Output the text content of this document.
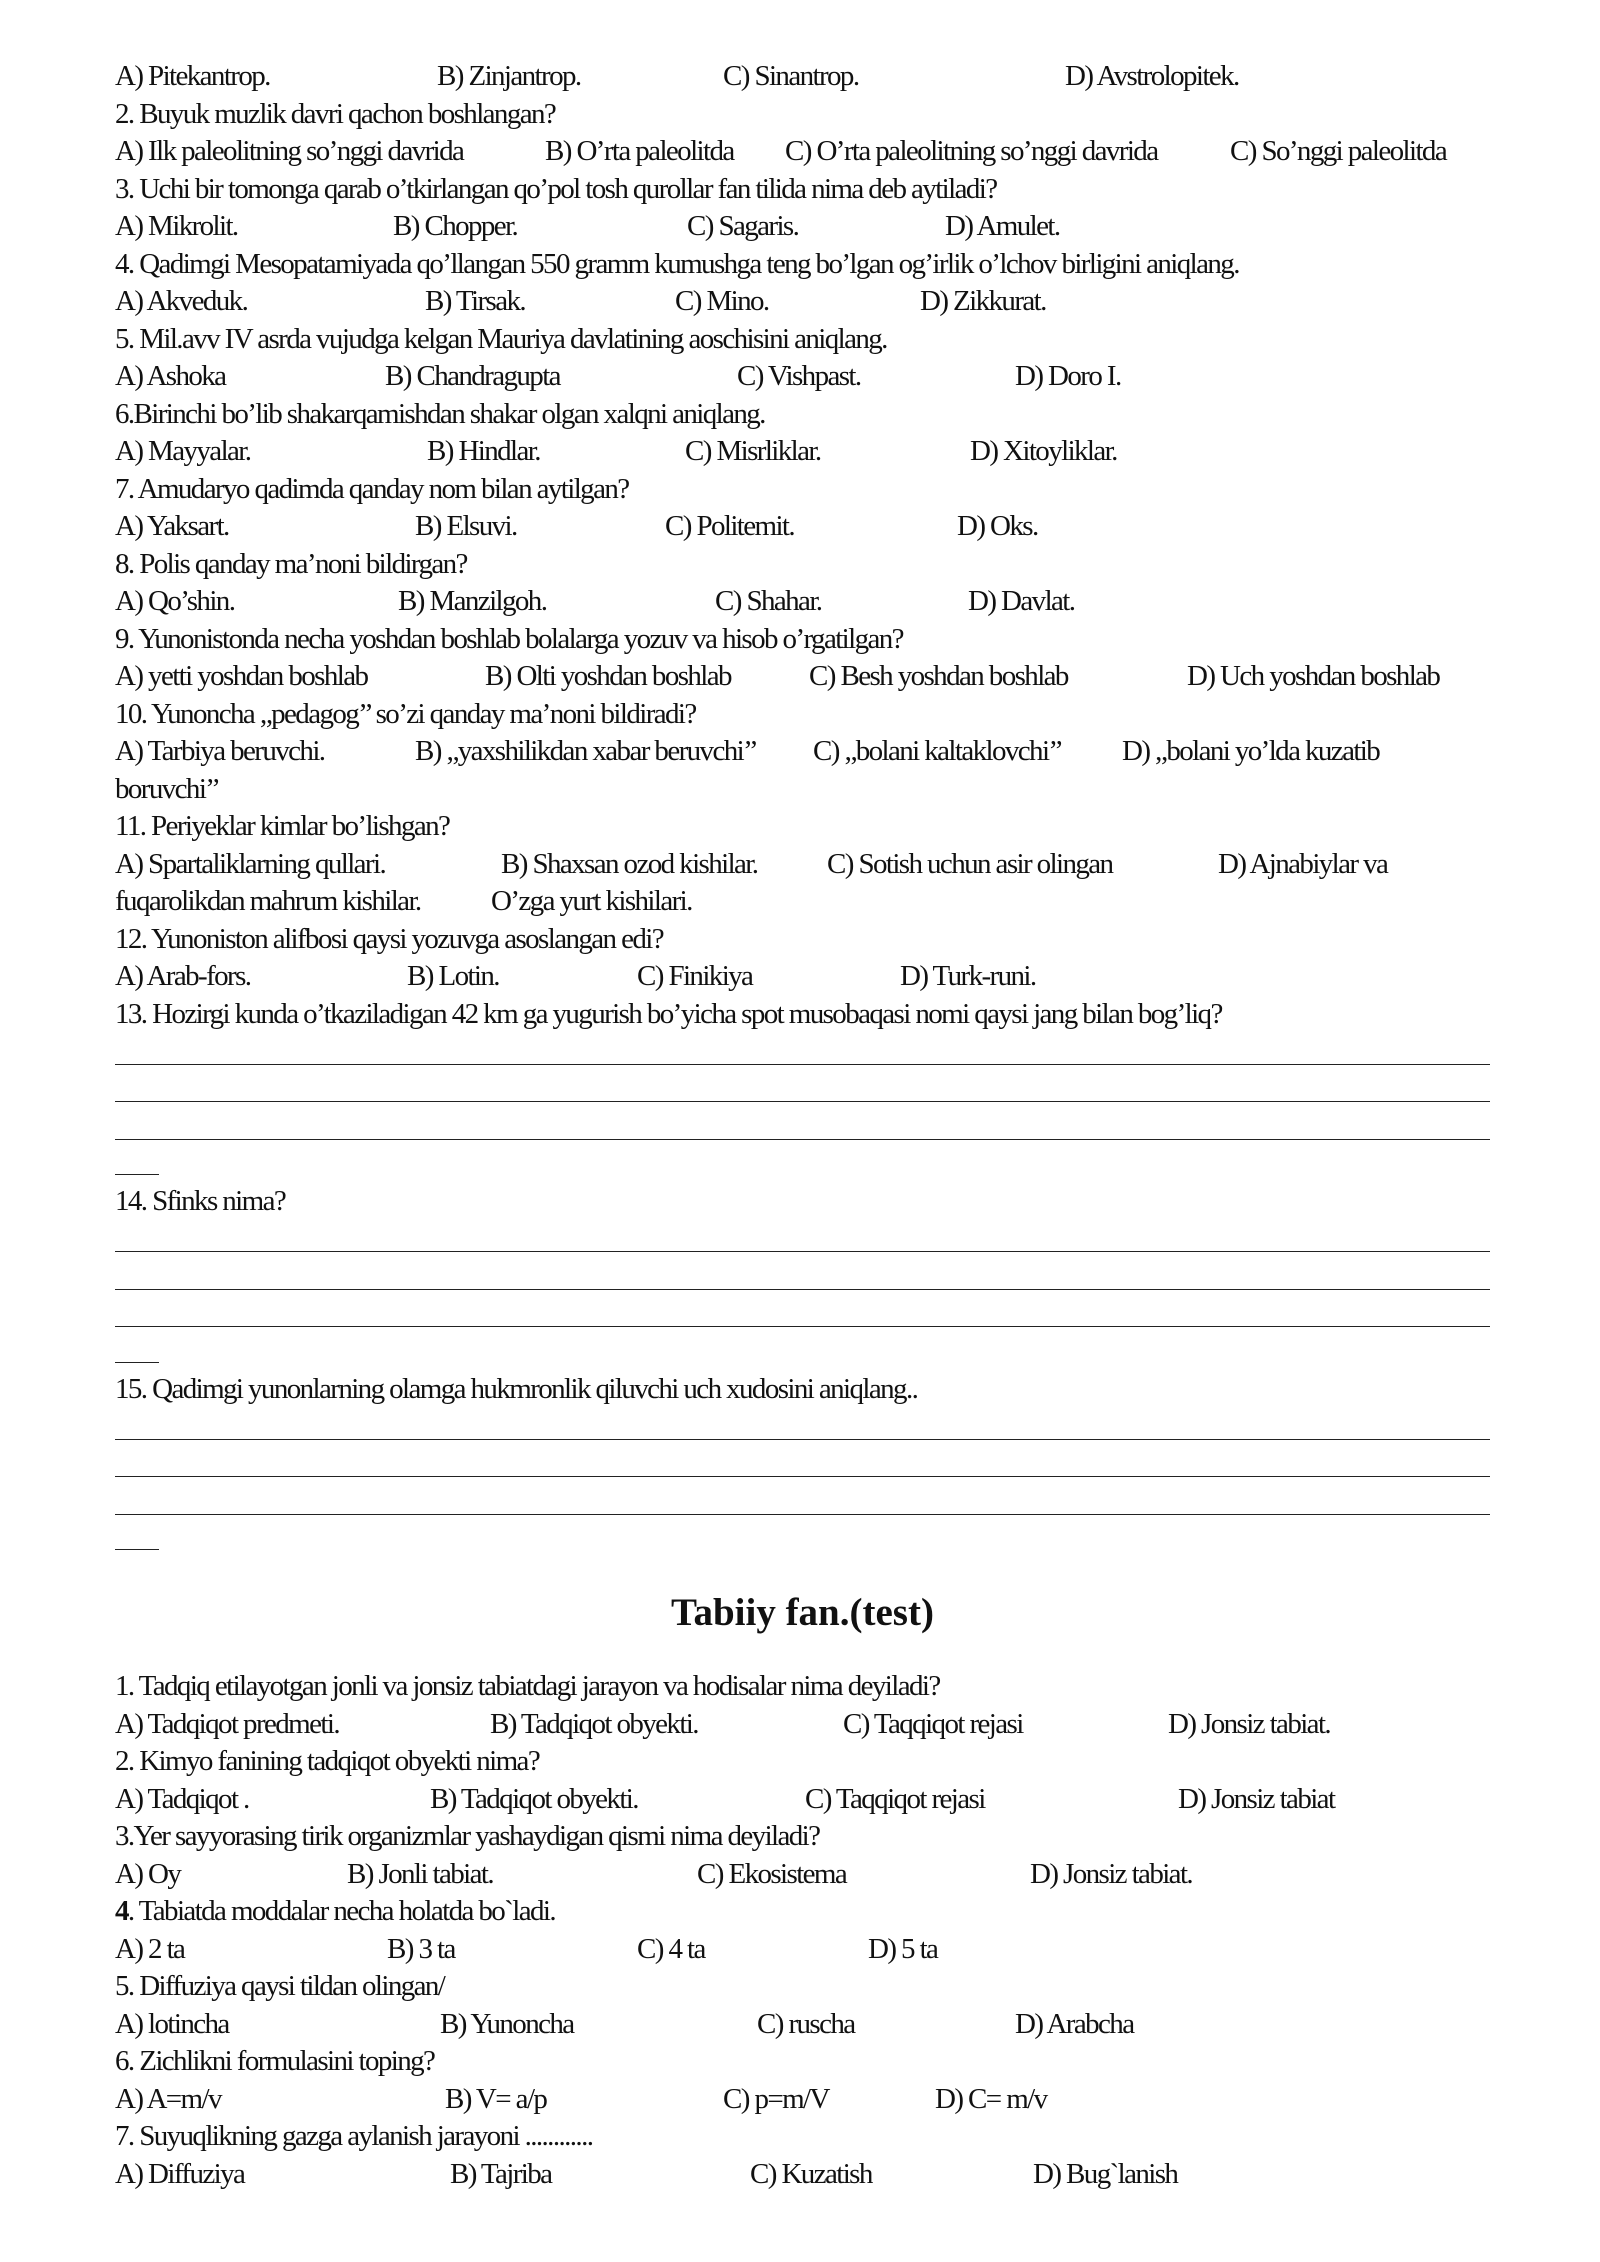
A) Pitekantrop.	B) Zinjantrop.	C) Sinantrop.	D) Avstrolopitek.
2. Buyuk muzlik davri qachon boshlangan?
A) Ilk paleolitning so’nggi davrida	B) O’rta paleolitda C) O’rta paleolitning so’nggi davrida	C) So’nggi paleolitda
3. Uchi bir tomonga qarab o’tkirlangan qo’pol tosh qurollar fan tilida nima deb aytiladi?
A) Mikrolit.	B) Chopper.	C) Sagaris.	D) Amulet.
4. Qadimgi Mesopatamiyada qo’llangan 550 gramm kumushga teng bo’lgan og’irlik o’lchov birligini aniqlang.
A) Akveduk.	B) Tirsak.	C) Mino.	D) Zikkurat.
5. Mil.avv IV asrda vujudga kelgan Mauriya davlatining aoschisini aniqlang.
A) Ashoka	B) Chandragupta	C) Vishpast.	D) Doro I.
6.Birinchi bo’lib shakarqamishdan shakar olgan xalqni aniqlang.
A) Mayyalar.	B) Hindlar.	C) Misrliklar.	D) Xitoyliklar.
7. Amudaryo qadimda qanday nom bilan aytilgan?
A) Yaksart.	B) Elsuvi.	C) Politemit.	D) Oks.
8. Polis qanday ma’noni bildirgan?
A) Qo’shin.	B) Manzilgoh.	C) Shahar.	D) Davlat.
9. Yunonistonda necha yoshdan boshlab bolalarga yozuv va hisob o’rgatilgan?
A) yetti yoshdan boshlab	B) Olti yoshdan boshlab	C) Besh yoshdan boshlab	D) Uch yoshdan boshlab
10. Yunoncha „pedagog’’ so’zi qanday ma’noni bildiradi?
A) Tarbiya beruvchi.	B) „yaxshilikdan xabar beruvchi’’ C) „bolani kaltaklovchi’’ D) „bolani yo’lda kuzatib
boruvchi’’
11. Periyeklar kimlar bo’lishgan?
A) Spartaliklarning qullari.	B) Shaxsan ozod kishilar. C) Sotish uchun asir olingan	D) Ajnabiylar va
fuqarolikdan mahrum kishilar. O’zga yurt kishilari.
12. Yunoniston alifbosi qaysi yozuvga asoslangan edi?
A) Arab-fors.	B) Lotin.	C) Finikiya	D) Turk-runi.
13. Hozirgi kunda o’tkaziladigan 42 km ga yugurish bo’yicha spot musobaqasi nomi qaysi jang bilan bog’liq?
14. Sfinks nima?
15. Qadimgi yunonlarning olamga hukmronlik qiluvchi uch xudosini aniqlang..
Tabiiy fan.(test)
1. Tadqiq etilayotgan jonli va jonsiz tabiatdagi jarayon va hodisalar nima deyiladi?
A) Tadqiqot predmeti.	B) Tadqiqot obyekti.	C) Taqqiqot rejasi	D) Jonsiz tabiat.
2. Kimyo fanining tadqiqot obyekti nima?
A) Tadqiqot .	B) Tadqiqot obyekti.	C) Taqqiqot rejasi	D) Jonsiz tabiat
3.Yer sayyorasing tirik organizmlar yashaydigan qismi nima deyiladi?
A) Oy	B) Jonli tabiat.	C) Ekosistema	D) Jonsiz tabiat.
4. Tabiatda moddalar necha holatda bo`ladi.
A) 2 ta	B) 3 ta	C) 4 ta	D) 5 ta
5. Diffuziya qaysi tildan olingan/
A) lotincha	B) Yunoncha	C) ruscha	D) Arabcha
6. Zichlikni formulasini toping?
A) A=m/v	B) V= a/p	C) p=m/V	D) C= m/v
7. Suyuqlikning gazga aylanish jarayoni ............
A) Diffuziya	B) Tajriba	C) Kuzatish	D) Bug`lanish
